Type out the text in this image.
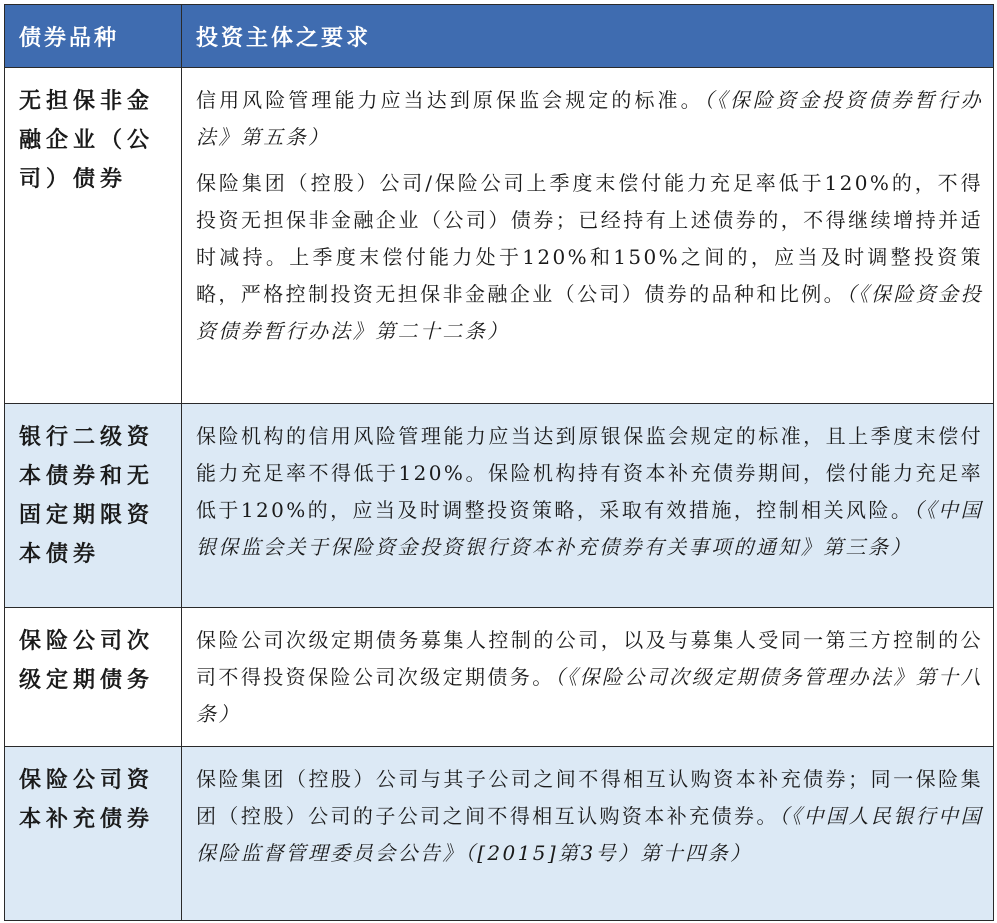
债券品种	投资主体之要求
无担保非金融企业（公司）债券	信用风险管理能力应当达到原保监会规定的标准。（《保险资金投资债券暂行办法》第五条）

保险集团（控股）公司/保险公司上季度末偿付能力充足率低于120%的，不得投资无担保非金融企业（公司）债券；已经持有上述债券的，不得继续增持并适时减持。上季度末偿付能力处于120%和150%之间的，应当及时调整投资策略，严格控制投资无担保非金融企业（公司）债券的品种和比例。（《保险资金投资债券暂行办法》第二十二条）

银行二级资本债券和无固定期限资本债券	保险机构的信用风险管理能力应当达到原银保监会规定的标准，且上季度末偿付能力充足率不得低于120%。保险机构持有资本补充债券期间，偿付能力充足率低于120%的，应当及时调整投资策略，采取有效措施，控制相关风险。（《中国银保监会关于保险资金投资银行资本补充债券有关事项的通知》第三条）

保险公司次级定期债务	保险公司次级定期债务募集人控制的公司，以及与募集人受同一第三方控制的公司不得投资保险公司次级定期债务。（《保险公司次级定期债务管理办法》第十八条）

保险公司资本补充债券	保险集团（控股）公司与其子公司之间不得相互认购资本补充债券；同一保险集团（控股）公司的子公司之间不得相互认购资本补充债券。（《中国人民银行中国保险监督管理委员会公告》（[2015]第3号）第十四条）
